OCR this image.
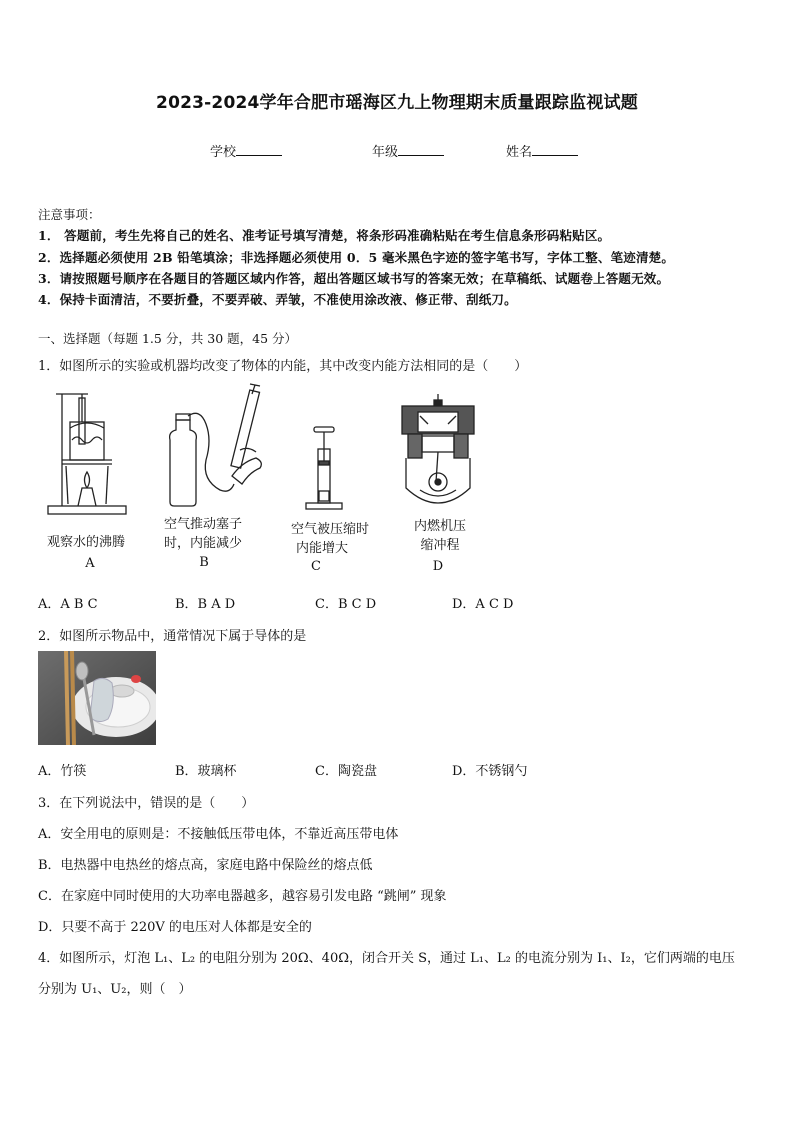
2023-2024学年合肥市瑶海区九上物理期末质量跟踪监视试题
学校	年级	姓名
注意事项：
1． 答题前，考生先将自己的姓名、准考证号填写清楚，将条形码准确粘贴在考生信息条形码粘贴区。
2．选择题必须使用 2B 铅笔填涂；非选择题必须使用 0．5 毫米黑色字迹的签字笔书写，字体工整、笔迹清楚。
3．请按照题号顺序在各题目的答题区域内作答，超出答题区域书写的答案无效；在草稿纸、试题卷上答题无效。
4．保持卡面清洁，不要折叠，不要弄破、弄皱，不准使用涂改液、修正带、刮纸刀。
一、选择题（每题 1.5 分，共 30 题，45 分）
1．如图所示的实验或机器均改变了物体的内能，其中改变内能方法相同的是（　　）
观察水的沸腾
A
空气推动塞子
时，内能减少
B
空气被压缩时
内能增大
C
内燃机压
缩冲程
D
A．A B C	B．B A D	C．B C D	D．A C D
2．如图所示物品中，通常情况下属于导体的是
A．竹筷	B．玻璃杯	C．陶瓷盘	D．不锈钢勺
3．在下列说法中，错误的是（　　）
A．安全用电的原则是：不接触低压带电体，不靠近高压带电体
B．电热器中电热丝的熔点高，家庭电路中保险丝的熔点低
C．在家庭中同时使用的大功率电器越多，越容易引发电路 “跳闸” 现象
D．只要不高于 220V 的电压对人体都是安全的
4．如图所示，灯泡 L₁、L₂ 的电阻分别为 20Ω、40Ω，闭合开关 S，通过 L₁、L₂ 的电流分别为 I₁、I₂，它们两端的电压
分别为 U₁、U₂，则（　）
